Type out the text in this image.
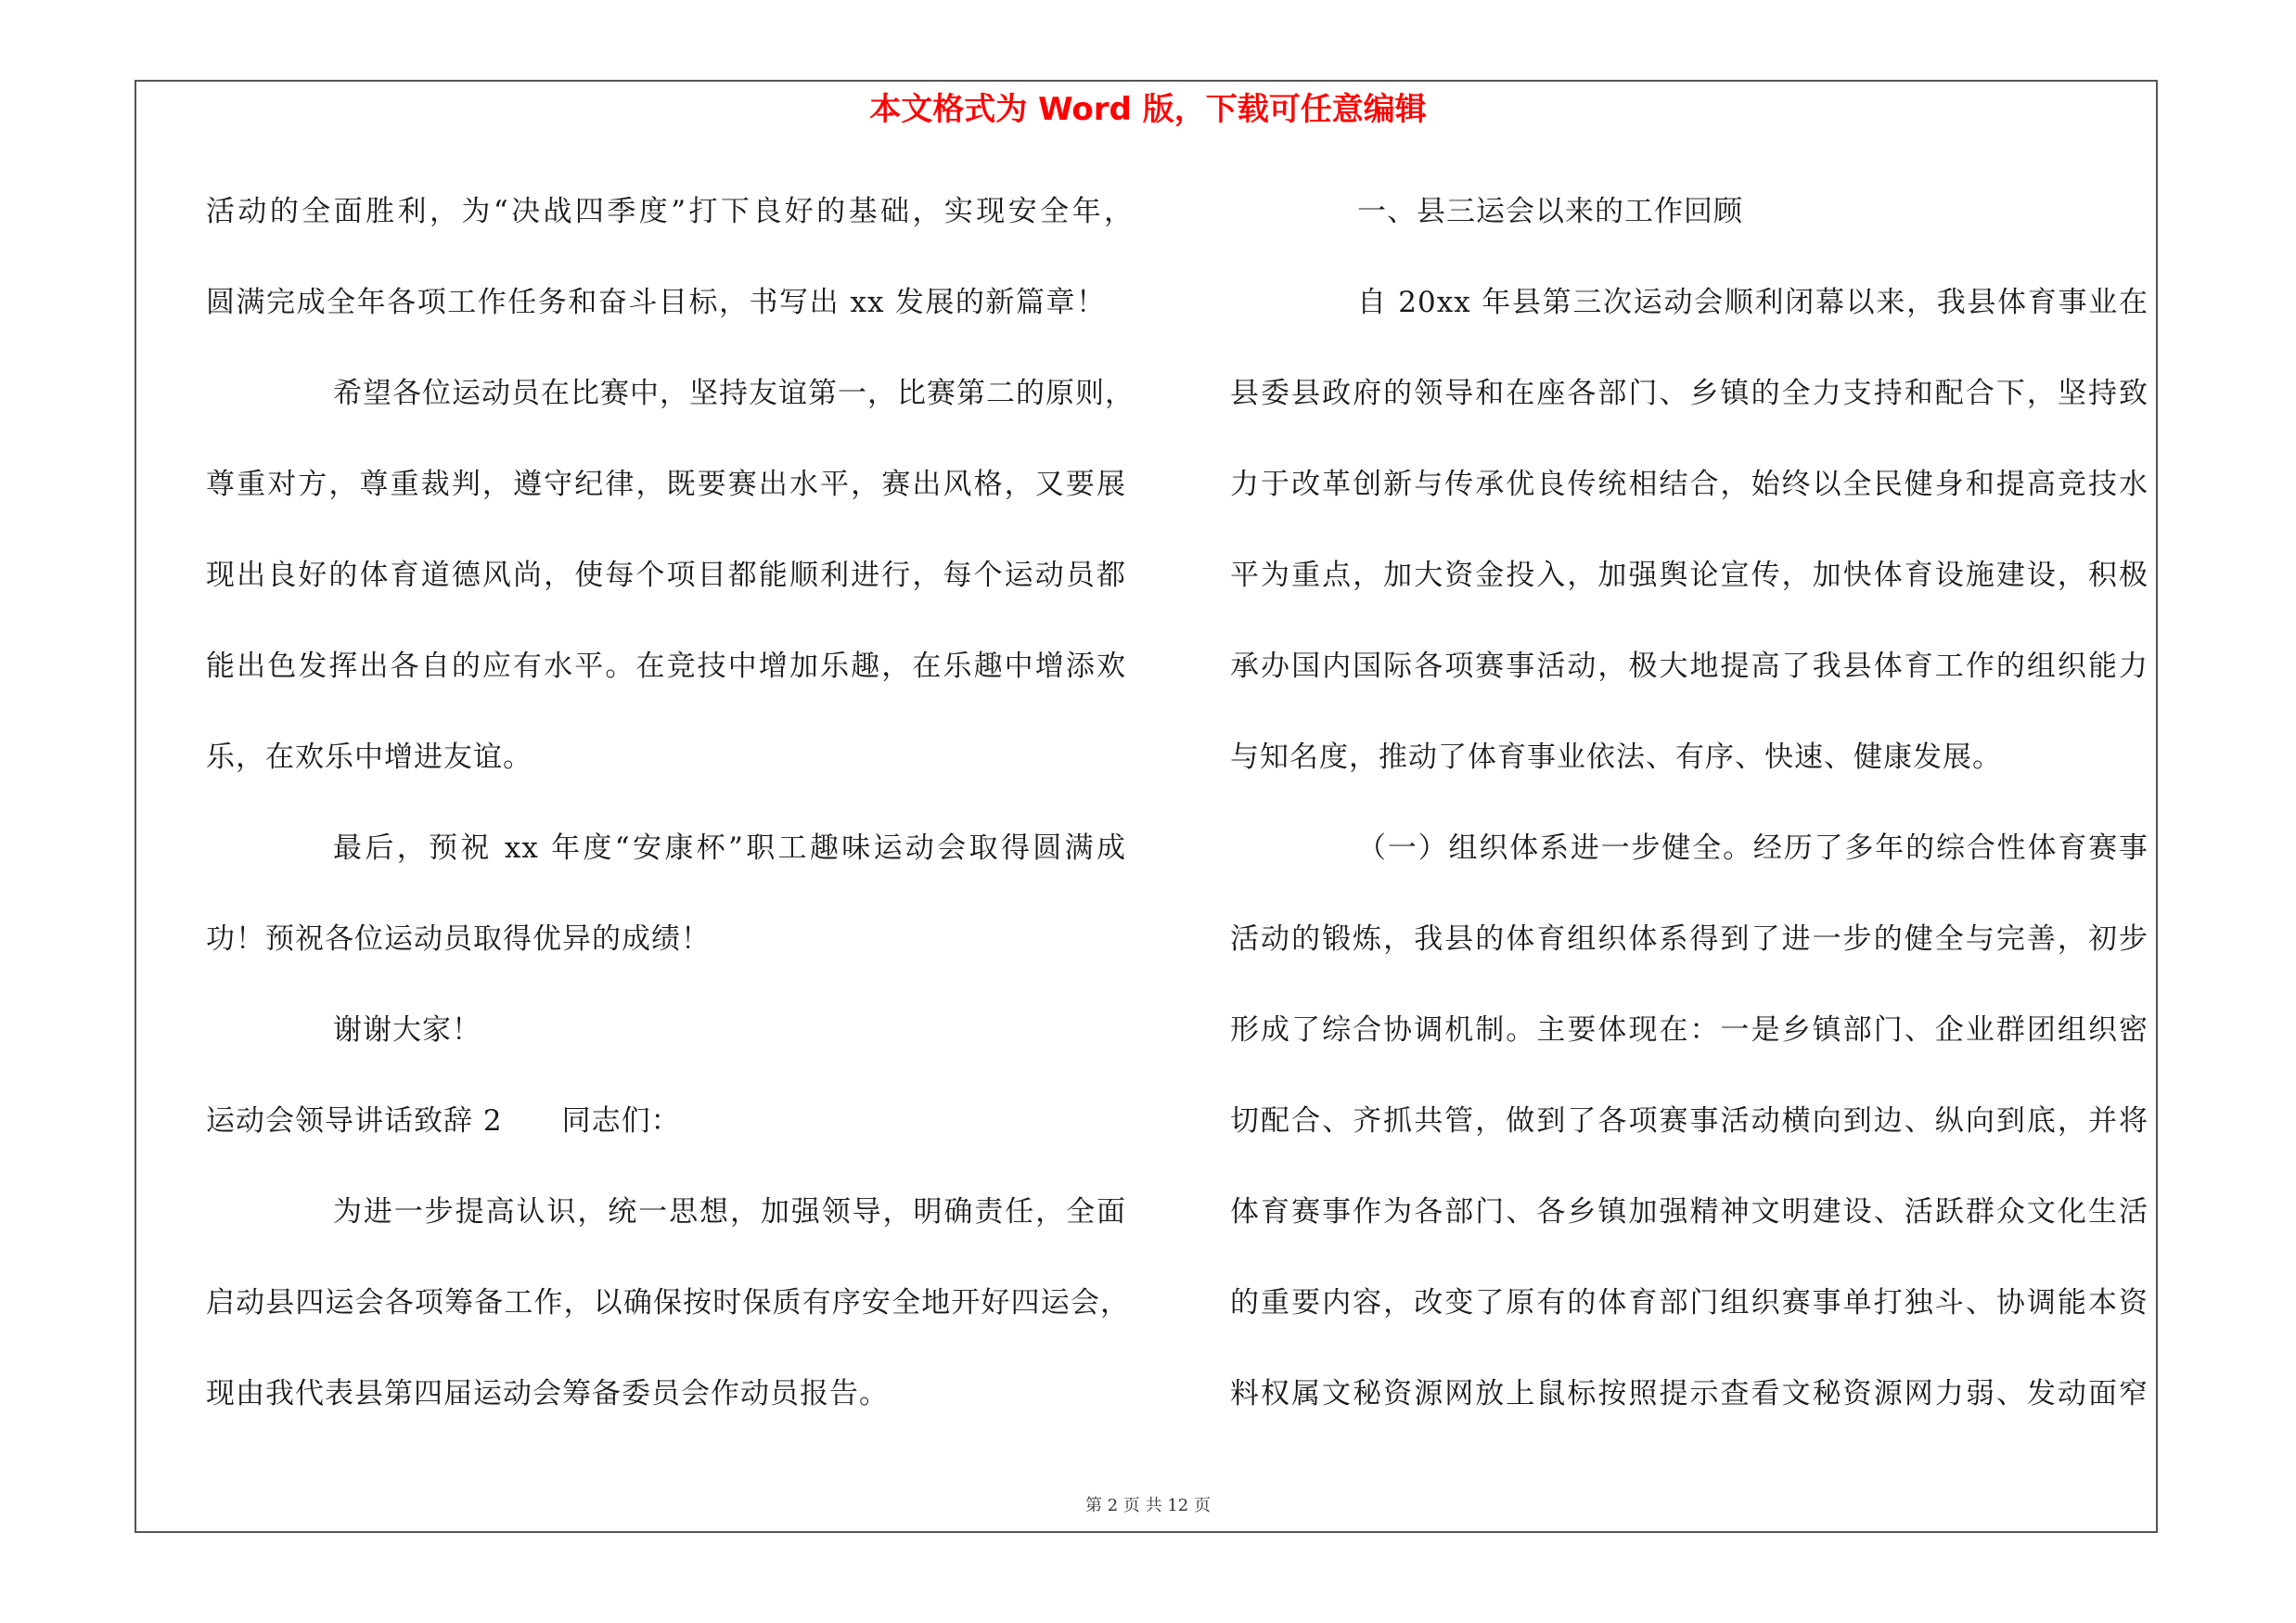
本文格式为 Word 版，下载可任意编辑
活动的全面胜利，为“决战四季度”打下良好的基础，实现安全年，
圆满完成全年各项工作任务和奋斗目标，书写出 xx 发展的新篇章！
希望各位运动员在比赛中，坚持友谊第一，比赛第二的原则，
尊重对方，尊重裁判，遵守纪律，既要赛出水平，赛出风格，又要展
现出良好的体育道德风尚，使每个项目都能顺利进行，每个运动员都
能出色发挥出各自的应有水平。在竞技中增加乐趣，在乐趣中增添欢
乐，在欢乐中增进友谊。
最后，预祝 xx 年度“安康杯”职工趣味运动会取得圆满成
功！预祝各位运动员取得优异的成绩！
谢谢大家！
运动会领导讲话致辞 2　　同志们：
为进一步提高认识，统一思想，加强领导，明确责任，全面
启动县四运会各项筹备工作，以确保按时保质有序安全地开好四运会，
现由我代表县第四届运动会筹备委员会作动员报告。
一、县三运会以来的工作回顾
自 20xx 年县第三次运动会顺利闭幕以来，我县体育事业在
县委县政府的领导和在座各部门、乡镇的全力支持和配合下，坚持致
力于改革创新与传承优良传统相结合，始终以全民健身和提高竞技水
平为重点，加大资金投入，加强舆论宣传，加快体育设施建设，积极
承办国内国际各项赛事活动，极大地提高了我县体育工作的组织能力
与知名度，推动了体育事业依法、有序、快速、健康发展。
（一）组织体系进一步健全。经历了多年的综合性体育赛事
活动的锻炼，我县的体育组织体系得到了进一步的健全与完善，初步
形成了综合协调机制。主要体现在：一是乡镇部门、企业群团组织密
切配合、齐抓共管，做到了各项赛事活动横向到边、纵向到底，并将
体育赛事作为各部门、各乡镇加强精神文明建设、活跃群众文化生活
的重要内容，改变了原有的体育部门组织赛事单打独斗、协调能本资
料权属文秘资源网放上鼠标按照提示查看文秘资源网力弱、发动面窄
第 2 页 共 12 页
